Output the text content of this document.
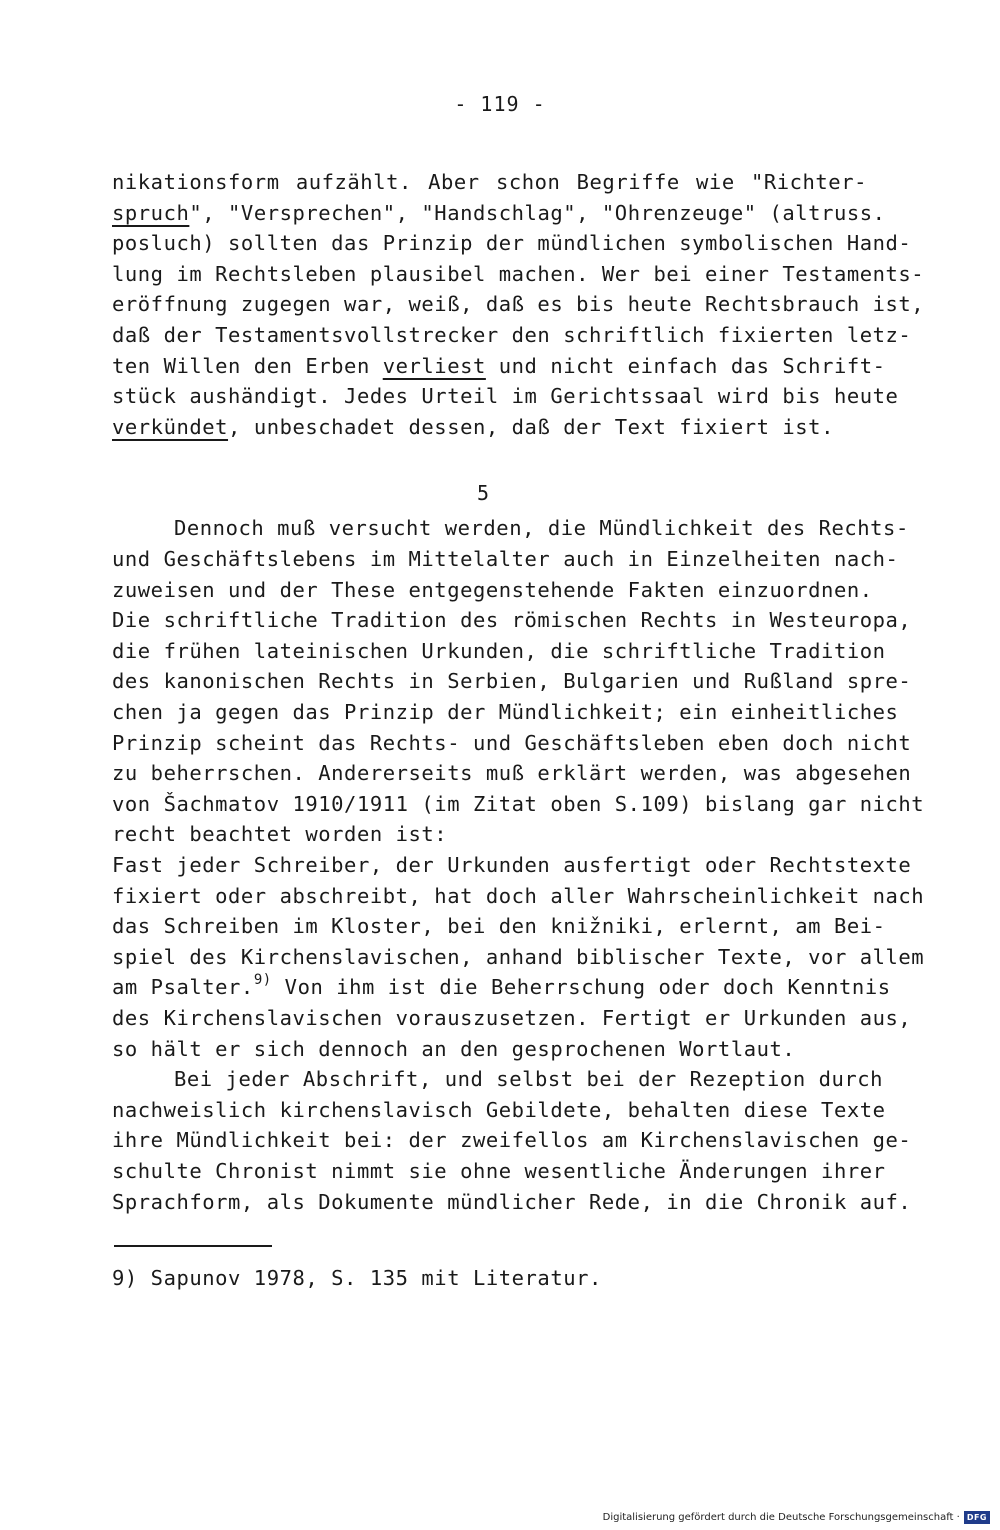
- 119 -
nikationsform aufzählt. Aber schon Begriffe wie "Richter-
spruch", "Versprechen", "Handschlag", "Ohrenzeuge" (altruss.
posluch) sollten das Prinzip der mündlichen symbolischen Hand-
lung im Rechtsleben plausibel machen. Wer bei einer Testaments-
eröffnung zugegen war, weiß, daß es bis heute Rechtsbrauch ist,
daß der Testamentsvollstrecker den schriftlich fixierten letz-
ten Willen den Erben verliest und nicht einfach das Schrift-
stück aushändigt. Jedes Urteil im Gerichtssaal wird bis heute
verkündet, unbeschadet dessen, daß der Text fixiert ist.
5
Dennoch muß versucht werden, die Mündlichkeit des Rechts-
und Geschäftslebens im Mittelalter auch in Einzelheiten nach-
zuweisen und der These entgegenstehende Fakten einzuordnen.
Die schriftliche Tradition des römischen Rechts in Westeuropa,
die frühen lateinischen Urkunden, die schriftliche Tradition
des kanonischen Rechts in Serbien, Bulgarien und Rußland spre-
chen ja gegen das Prinzip der Mündlichkeit; ein einheitliches
Prinzip scheint das Rechts- und Geschäftsleben eben doch nicht
zu beherrschen. Andererseits muß erklärt werden, was abgesehen
von Šachmatov 1910/1911 (im Zitat oben S.109) bislang gar nicht
recht beachtet worden ist:
Fast jeder Schreiber, der Urkunden ausfertigt oder Rechtstexte
fixiert oder abschreibt, hat doch aller Wahrscheinlichkeit nach
das Schreiben im Kloster, bei den knižniki, erlernt, am Bei-
spiel des Kirchenslavischen, anhand biblischer Texte, vor allem
am Psalter.$^{9)}$ Von ihm ist die Beherrschung oder doch Kenntnis
des Kirchenslavischen vorauszusetzen. Fertigt er Urkunden aus,
so hält er sich dennoch an den gesprochenen Wortlaut.
Bei jeder Abschrift, und selbst bei der Rezeption durch
nachweislich kirchenslavisch Gebildete, behalten diese Texte
ihre Mündlichkeit bei: der zweifellos am Kirchenslavischen ge-
schulte Chronist nimmt sie ohne wesentliche Änderungen ihrer
Sprachform, als Dokumente mündlicher Rede, in die Chronik auf.
9) Sapunov 1978, S. 135 mit Literatur.
Digitalisierung gefördert durch die Deutsche Forschungsgemeinschaft · DFG
